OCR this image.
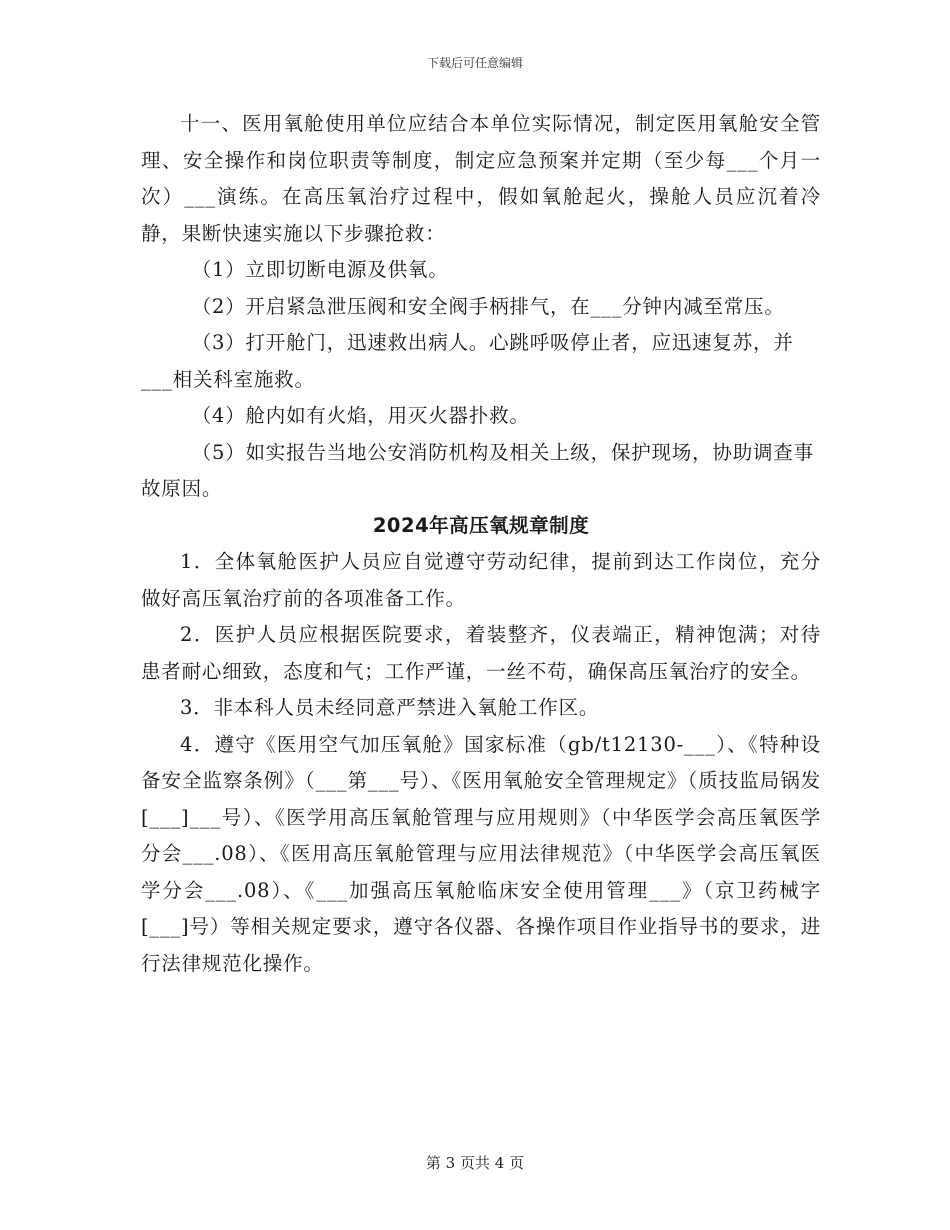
下载后可任意编辑

十一、医用氧舱使用单位应结合本单位实际情况，制定医用氧舱安全管理、安全操作和岗位职责等制度，制定应急预案并定期（至少每___个月一次）___演练。在高压氧治疗过程中，假如氧舱起火，操舱人员应沉着冷静，果断快速实施以下步骤抢救：

（1）立即切断电源及供氧。

（2）开启紧急泄压阀和安全阀手柄排气，在___分钟内减至常压。

（3）打开舱门，迅速救出病人。心跳呼吸停止者，应迅速复苏，并___相关科室施救。

（4）舱内如有火焰，用灭火器扑救。

（5）如实报告当地公安消防机构及相关上级，保护现场，协助调查事故原因。

2024年高压氧规章制度

1．全体氧舱医护人员应自觉遵守劳动纪律，提前到达工作岗位，充分做好高压氧治疗前的各项准备工作。

2．医护人员应根据医院要求，着装整齐，仪表端正，精神饱满；对待患者耐心细致，态度和气；工作严谨，一丝不苟，确保高压氧治疗的安全。

3．非本科人员未经同意严禁进入氧舱工作区。

4．遵守《医用空气加压氧舱》国家标准（gb/t12130-___）、《特种设备安全监察条例》（___第___号）、《医用氧舱安全管理规定》（质技监局锅发[___]___号）、《医学用高压氧舱管理与应用规则》（中华医学会高压氧医学分会___.08）、《医用高压氧舱管理与应用法律规范》（中华医学会高压氧医学分会___.08）、《___加强高压氧舱临床安全使用管理___》（京卫药械字[___]号）等相关规定要求，遵守各仪器、各操作项目作业指导书的要求，进行法律规范化操作。

第 3 页共 4 页
